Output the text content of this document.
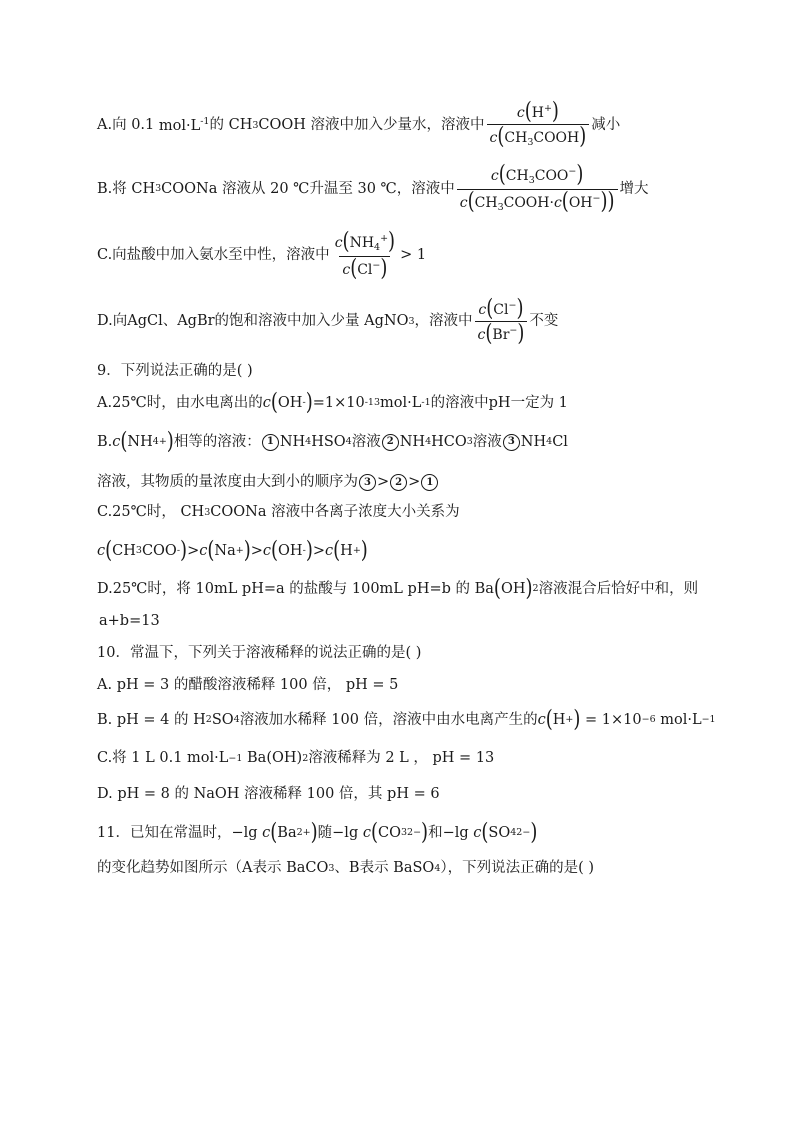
A.向 0.1 $mol\cdot L^{-1}$ 的 CH 3 COOH 溶液中加入少量水，溶液中 $\frac{c(H^+)}{c(CH_3COOH)}$ 减小
B.将 CH 3 COONa 溶液从 20 ℃升温至 30 ℃，溶液中 $\frac{c(CH_3COO^-)}{c(CH_3COOH\cdot c(OH^-))}$ 增大
C.向盐酸中加入氨水至中性，溶液中 $\frac{c(NH_4^+)}{c(Cl^-)} > 1$
D.向AgCl、AgBr的饱和溶液中加入少量 AgNO 3 ，溶液中 $\frac{c(Cl^-)}{c(Br^-)}$ 不变
9．下列说法正确的是( )
A.25℃时，由水电离出的 c ( OH - ) =1×10 -13 mol·L -1 的溶液中pH一定为 1
B. c ( NH 4 + ) 相等的溶液： 1 NH 4 HSO 4 溶液 2 NH 4 HCO 3 溶液 3 NH 4 Cl
溶液，其物质的量浓度由大到小的顺序为 3 > 2 > 1
C.25℃时， CH 3 COONa 溶液中各离子浓度大小关系为
c ( CH 3 COO - ) > c ( Na + ) > c ( OH - ) > c ( H + )
D.25℃时，将 10mL pH=a 的盐酸与 100mL pH=b 的 Ba ( OH ) 2 溶液混合后恰好中和，则
a+b=13
10．常温下，下列关于溶液稀释的说法正确的是( )
A. pH = 3 的醋酸溶液稀释 100 倍， pH = 5
B. pH = 4 的 H 2 SO 4 溶液加水稀释 100 倍，溶液中由水电离产生的 c ( H + )
= 1×10 −6
mol·L −1
C.将 1 L 0.1 mol·L −1
Ba(OH) 2 溶液稀释为 2 L ， pH = 13
D. pH = 8 的 NaOH 溶液稀释 100 倍，其 pH = 6
11．已知在常温时， −lg
c ( Ba 2+ ) 随 −lg
c ( CO 3 2− ) 和 −lg
c ( SO 4 2− )
的变化趋势如图所示（A表示 BaCO 3 、B表示 BaSO 4 ），下列说法正确的是( )
